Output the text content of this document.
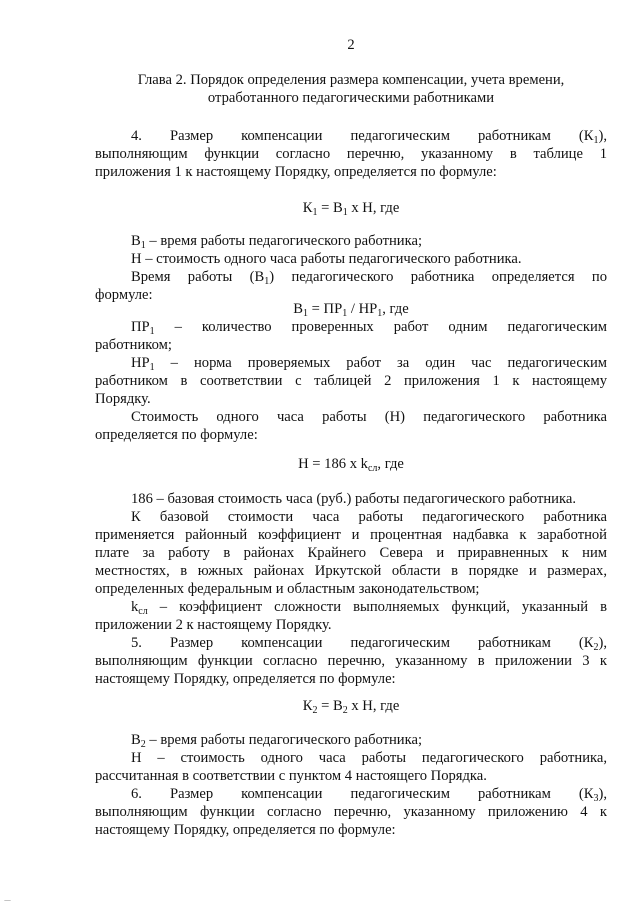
2
Глава 2. Порядок определения размера компенсации, учета времени,
отработанного педагогическими работниками
4. Размер компенсации педагогическим работникам $(К_1)$,
выполняющим функции согласно перечню, указанному в таблице 1
приложения 1 к настоящему Порядку, определяется по формуле:
$К_1 = В_1$ х Н, где
$В_1$ – время работы педагогического работника;
Н – стоимость одного часа работы педагогического работника.
Время работы $(В_1)$ педагогического работника определяется по
формуле:
$В_1 = ПР_1 / НР_1$, где
$ПР_1$ – количество проверенных работ одним педагогическим
работником;
$НР_1$ – норма проверяемых работ за один час педагогическим
работником в соответствии с таблицей 2 приложения 1 к настоящему
Порядку.
Стоимость одного часа работы (Н) педагогического работника
определяется по формуле:
Н = 186 х $k_{сл}$, где
186 – базовая стоимость часа (руб.) работы педагогического работника.
К базовой стоимости часа работы педагогического работника
применяется районный коэффициент и процентная надбавка к заработной
плате за работу в районах Крайнего Севера и приравненных к ним
местностях, в южных районах Иркутской области в порядке и размерах,
определенных федеральным и областным законодательством;
$k_{сл}$ – коэффициент сложности выполняемых функций, указанный в
приложении 2 к настоящему Порядку.
5. Размер компенсации педагогическим работникам $(К_2)$,
выполняющим функции согласно перечню, указанному в приложении 3 к
настоящему Порядку, определяется по формуле:
$К_2 = В_2$ х Н, где
$В_2$ – время работы педагогического работника;
Н – стоимость одного часа работы педагогического работника,
рассчитанная в соответствии с пунктом 4 настоящего Порядка.
6. Размер компенсации педагогическим работникам $(К_3)$,
выполняющим функции согласно перечню, указанному приложению 4 к
настоящему Порядку, определяется по формуле:
—
